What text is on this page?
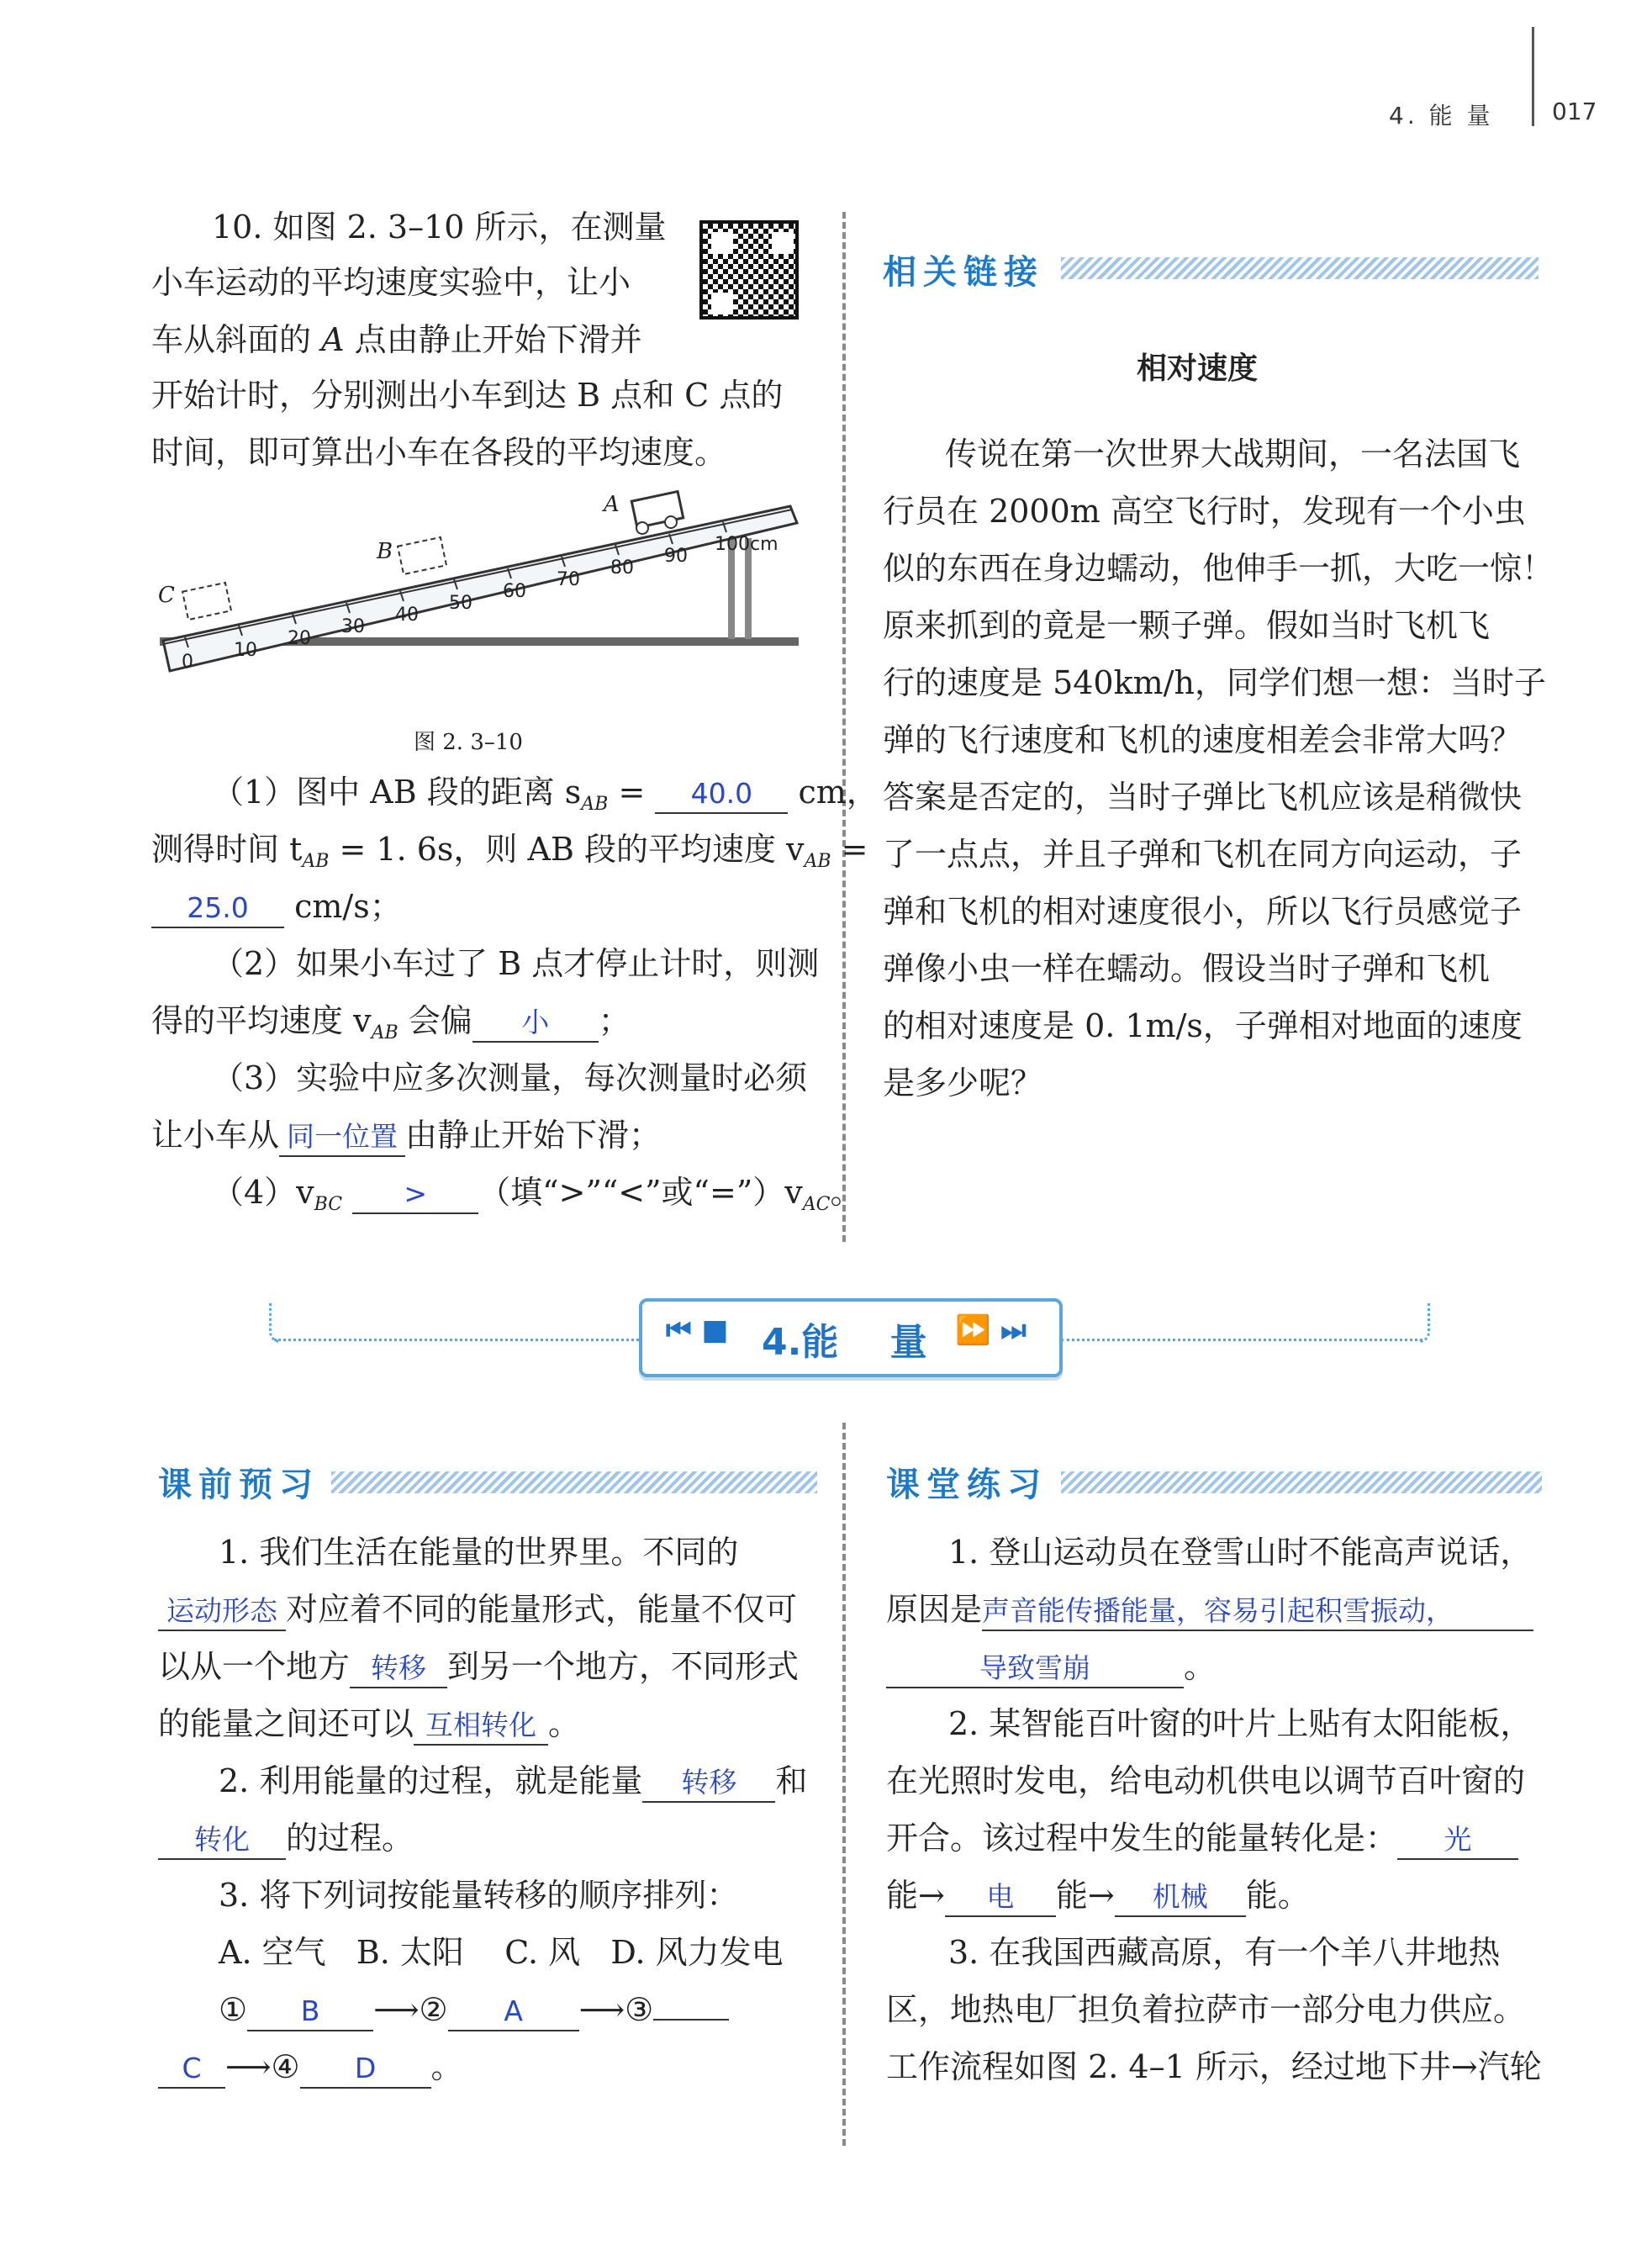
4. 能 量 017
10. 如图 2. 3–10 所示，在测量
小车运动的平均速度实验中，让小
车从斜面的 A 点由静止开始下滑并
开始计时，分别测出小车到达 B 点和 C 点的
时间，即可算出小车在各段的平均速度。
0
10
20
30
40
50
60
70
80
90
100cm
C
B
A
图 2. 3–10
（1）图中 AB 段的距离 $s_{AB} = 40.0$ cm，
测得时间 $t_{AB} = 1$. 6s，则 AB 段的平均速度 $v_{AB}$ =
25.0 cm/s；
（2）如果小车过了 B 点才停止计时，则测
得的平均速度 $v_{AB}$ 会偏 小 ；
（3）实验中应多次测量，每次测量时必须
让小车从 同一位置 由静止开始下滑；
$(4)v_{BC}$ > （填“>”“<”或“$=”)v_{AC}$。
相关链接
相对速度
传说在第一次世界大战期间，一名法国飞
行员在 2000m 高空飞行时，发现有一个小虫
似的东西在身边蠕动，他伸手一抓，大吃一惊！
原来抓到的竟是一颗子弹。假如当时飞机飞
行的速度是 540km/h，同学们想一想：当时子
弹的飞行速度和飞机的速度相差会非常大吗？
答案是否定的，当时子弹比飞机应该是稍微快
了一点点，并且子弹和飞机在同方向运动，子
弹和飞机的相对速度很小，所以飞行员感觉子
弹像小虫一样在蠕动。假设当时子弹和飞机
的相对速度是 0. 1m/s，子弹相对地面的速度
是多少呢？
⏮ ■ 4.能    量 ⏩ ⏭
课前预习
1. 我们生活在能量的世界里。不同的
运动形态 对应着不同的能量形式，能量不仅可
以从一个地方 转移 到另一个地方，不同形式
的能量之间还可以 互相转化 。
2. 利用能量的过程，就是能量 转移 和
转化 的过程。
3. 将下列词按能量转移的顺序排列：
A. 空气   B. 太阳    C. 风   D. 风力发电
① B ⟶② A ⟶③
C ⟶④ D 。
课堂练习
1. 登山运动员在登雪山时不能高声说话，
原因是声音能传播能量，容易引起积雪振动，
导致雪崩	。
2. 某智能百叶窗的叶片上贴有太阳能板，
在光照时发电，给电动机供电以调节百叶窗的
开合。该过程中发生的能量转化是： 光
能→ 电 能→ 机械 能。
3. 在我国西藏高原，有一个羊八井地热
区，地热电厂担负着拉萨市一部分电力供应。
工作流程如图 2. 4–1 所示，经过地下井→汽轮
